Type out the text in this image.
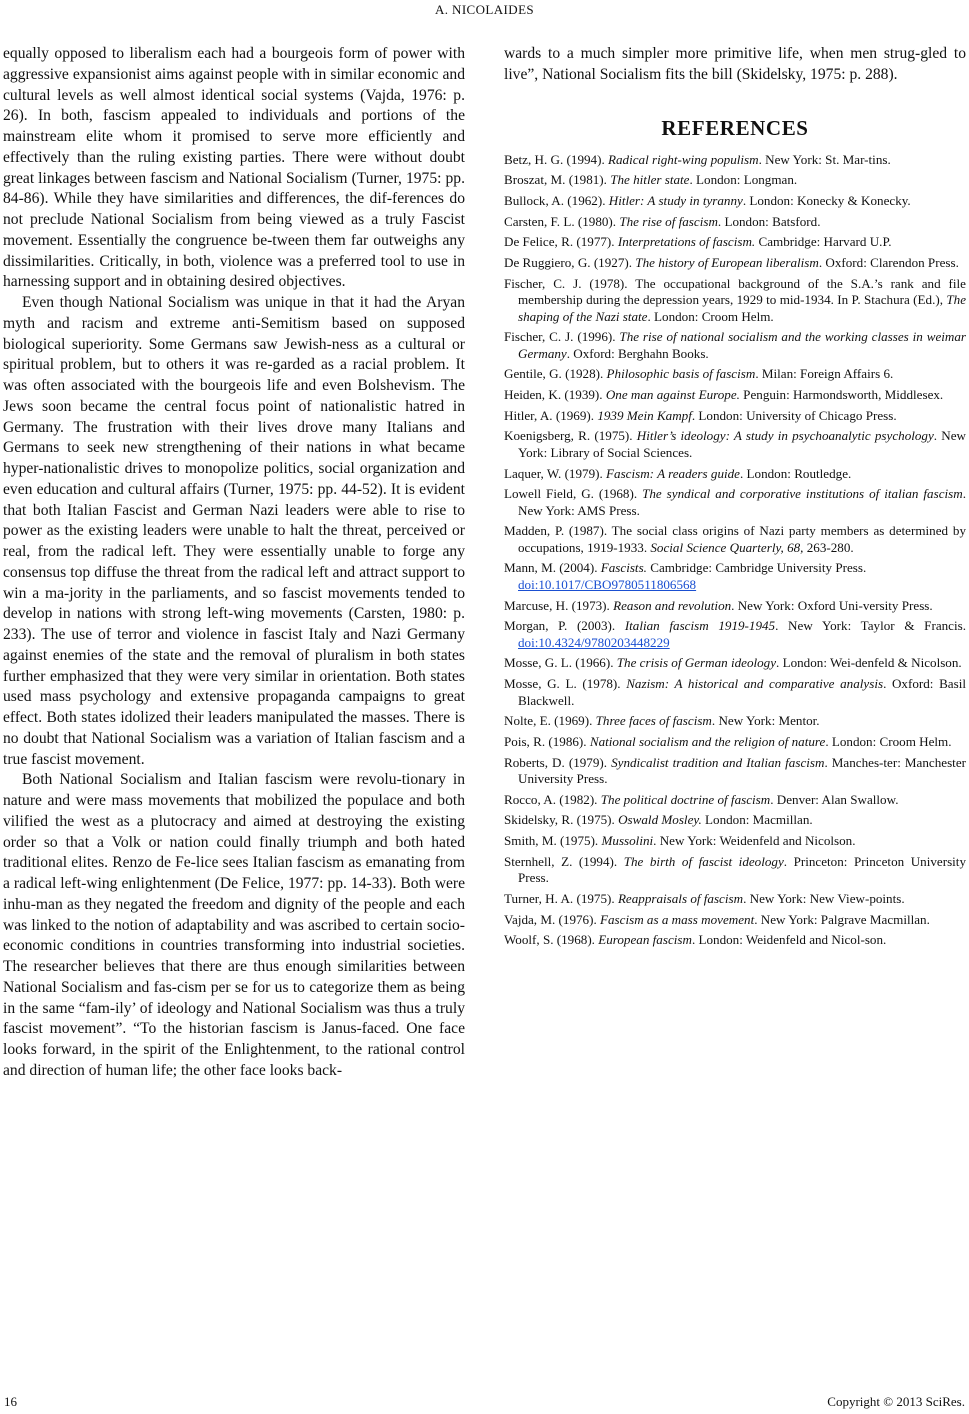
A. NICOLAIDES

equally opposed to liberalism each had a bourgeois form of power with aggressive expansionist aims against people with in similar economic and cultural levels as well almost identical social systems (Vajda, 1976: p. 26). In both, fascism appealed to individuals and portions of the mainstream elite whom it promised to serve more efficiently and effectively than the ruling existing parties. There were without doubt great linkages between fascism and National Socialism (Turner, 1975: pp. 84-86). While they have similarities and differences, the dif-ferences do not preclude National Socialism from being viewed as a truly Fascist movement. Essentially the congruence be-tween them far outweighs any dissimilarities. Critically, in both, violence was a preferred tool to use in harnessing support and in obtaining desired objectives.

Even though National Socialism was unique in that it had the Aryan myth and racism and extreme anti-Semitism based on supposed biological superiority. Some Germans saw Jewish-ness as a cultural or spiritual problem, but to others it was re-garded as a racial problem. It was often associated with the bourgeois life and even Bolshevism. The Jews soon became the central focus point of nationalistic hatred in Germany. The frustration with their lives drove many Italians and Germans to seek new strengthening of their nations in what became hyper-nationalistic drives to monopolize politics, social organization and even education and cultural affairs (Turner, 1975: pp. 44-52). It is evident that both Italian Fascist and German Nazi leaders were able to rise to power as the existing leaders were unable to halt the threat, perceived or real, from the radical left. They were essentially unable to forge any consensus top diffuse the threat from the radical left and attract support to win a ma-jority in the parliaments, and so fascist movements tended to develop in nations with strong left-wing movements (Carsten, 1980: p. 233). The use of terror and violence in fascist Italy and Nazi Germany against enemies of the state and the removal of pluralism in both states further emphasized that they were very similar in orientation. Both states used mass psychology and extensive propaganda campaigns to great effect. Both states idolized their leaders manipulated the masses. There is no doubt that National Socialism was a variation of Italian fascism and a true fascist movement.

Both National Socialism and Italian fascism were revolu-tionary in nature and were mass movements that mobilized the populace and both vilified the west as a plutocracy and aimed at destroying the existing order so that a Volk or nation could finally triumph and both hated traditional elites. Renzo de Fe-lice sees Italian fascism as emanating from a radical left-wing enlightenment (De Felice, 1977: pp. 14-33). Both were inhu-man as they negated the freedom and dignity of the people and each was linked to the notion of adaptability and was ascribed to certain socio-economic conditions in countries transforming into industrial societies. The researcher believes that there are thus enough similarities between National Socialism and fas-cism per se for us to categorize them as being in the same “fam-ily’ of ideology and National Socialism was thus a truly fascist movement”. “To the historian fascism is Janus-faced. One face looks forward, in the spirit of the Enlightenment, to the rational control and direction of human life; the other face looks back-

wards to a much simpler more primitive life, when men strug-gled to live”, National Socialism fits the bill (Skidelsky, 1975: p. 288).

REFERENCES
Betz, H. G. (1994). Radical right-wing populism. New York: St. Mar-tins.
Broszat, M. (1981). The hitler state. London: Longman.
Bullock, A. (1962). Hitler: A study in tyranny. London: Konecky & Konecky.
Carsten, F. L. (1980). The rise of fascism. London: Batsford.
De Felice, R. (1977). Interpretations of fascism. Cambridge: Harvard U.P.
De Ruggiero, G. (1927). The history of European liberalism. Oxford: Clarendon Press.
Fischer, C. J. (1978). The occupational background of the S.A.’s rank and file membership during the depression years, 1929 to mid-1934. In P. Stachura (Ed.), The shaping of the Nazi state. London: Croom Helm.
Fischer, C. J. (1996). The rise of national socialism and the working classes in weimar Germany. Oxford: Berghahn Books.
Gentile, G. (1928). Philosophic basis of fascism. Milan: Foreign Affairs 6.
Heiden, K. (1939). One man against Europe. Penguin: Harmondsworth, Middlesex.
Hitler, A. (1969). 1939 Mein Kampf. London: University of Chicago Press.
Koenigsberg, R. (1975). Hitler’s ideology: A study in psychoanalytic psychology. New York: Library of Social Sciences.
Laquer, W. (1979). Fascism: A readers guide. London: Routledge.
Lowell Field, G. (1968). The syndical and corporative institutions of italian fascism. New York: AMS Press.
Madden, P. (1987). The social class origins of Nazi party members as determined by occupations, 1919-1933. Social Science Quarterly, 68, 263-280.
Mann, M. (2004). Fascists. Cambridge: Cambridge University Press.
doi:10.1017/CBO9780511806568
Marcuse, H. (1973). Reason and revolution. New York: Oxford Uni-versity Press.
Morgan, P. (2003). Italian fascism 1919-1945. New York: Taylor & Francis. doi:10.4324/9780203448229
Mosse, G. L. (1966). The crisis of German ideology. London: Wei-denfeld & Nicolson.
Mosse, G. L. (1978). Nazism: A historical and comparative analysis. Oxford: Basil Blackwell.
Nolte, E. (1969). Three faces of fascism. New York: Mentor.
Pois, R. (1986). National socialism and the religion of nature. London: Croom Helm.
Roberts, D. (1979). Syndicalist tradition and Italian fascism. Manches-ter: Manchester University Press.
Rocco, A. (1982). The political doctrine of fascism. Denver: Alan Swallow.
Skidelsky, R. (1975). Oswald Mosley. London: Macmillan.
Smith, M. (1975). Mussolini. New York: Weidenfeld and Nicolson.
Sternhell, Z. (1994). The birth of fascist ideology. Princeton: Princeton University Press.
Turner, H. A. (1975). Reappraisals of fascism. New York: New View-points.
Vajda, M. (1976). Fascism as a mass movement. New York: Palgrave Macmillan.
Woolf, S. (1968). European fascism. London: Weidenfeld and Nicol-son.
16	Copyright © 2013 SciRes.
